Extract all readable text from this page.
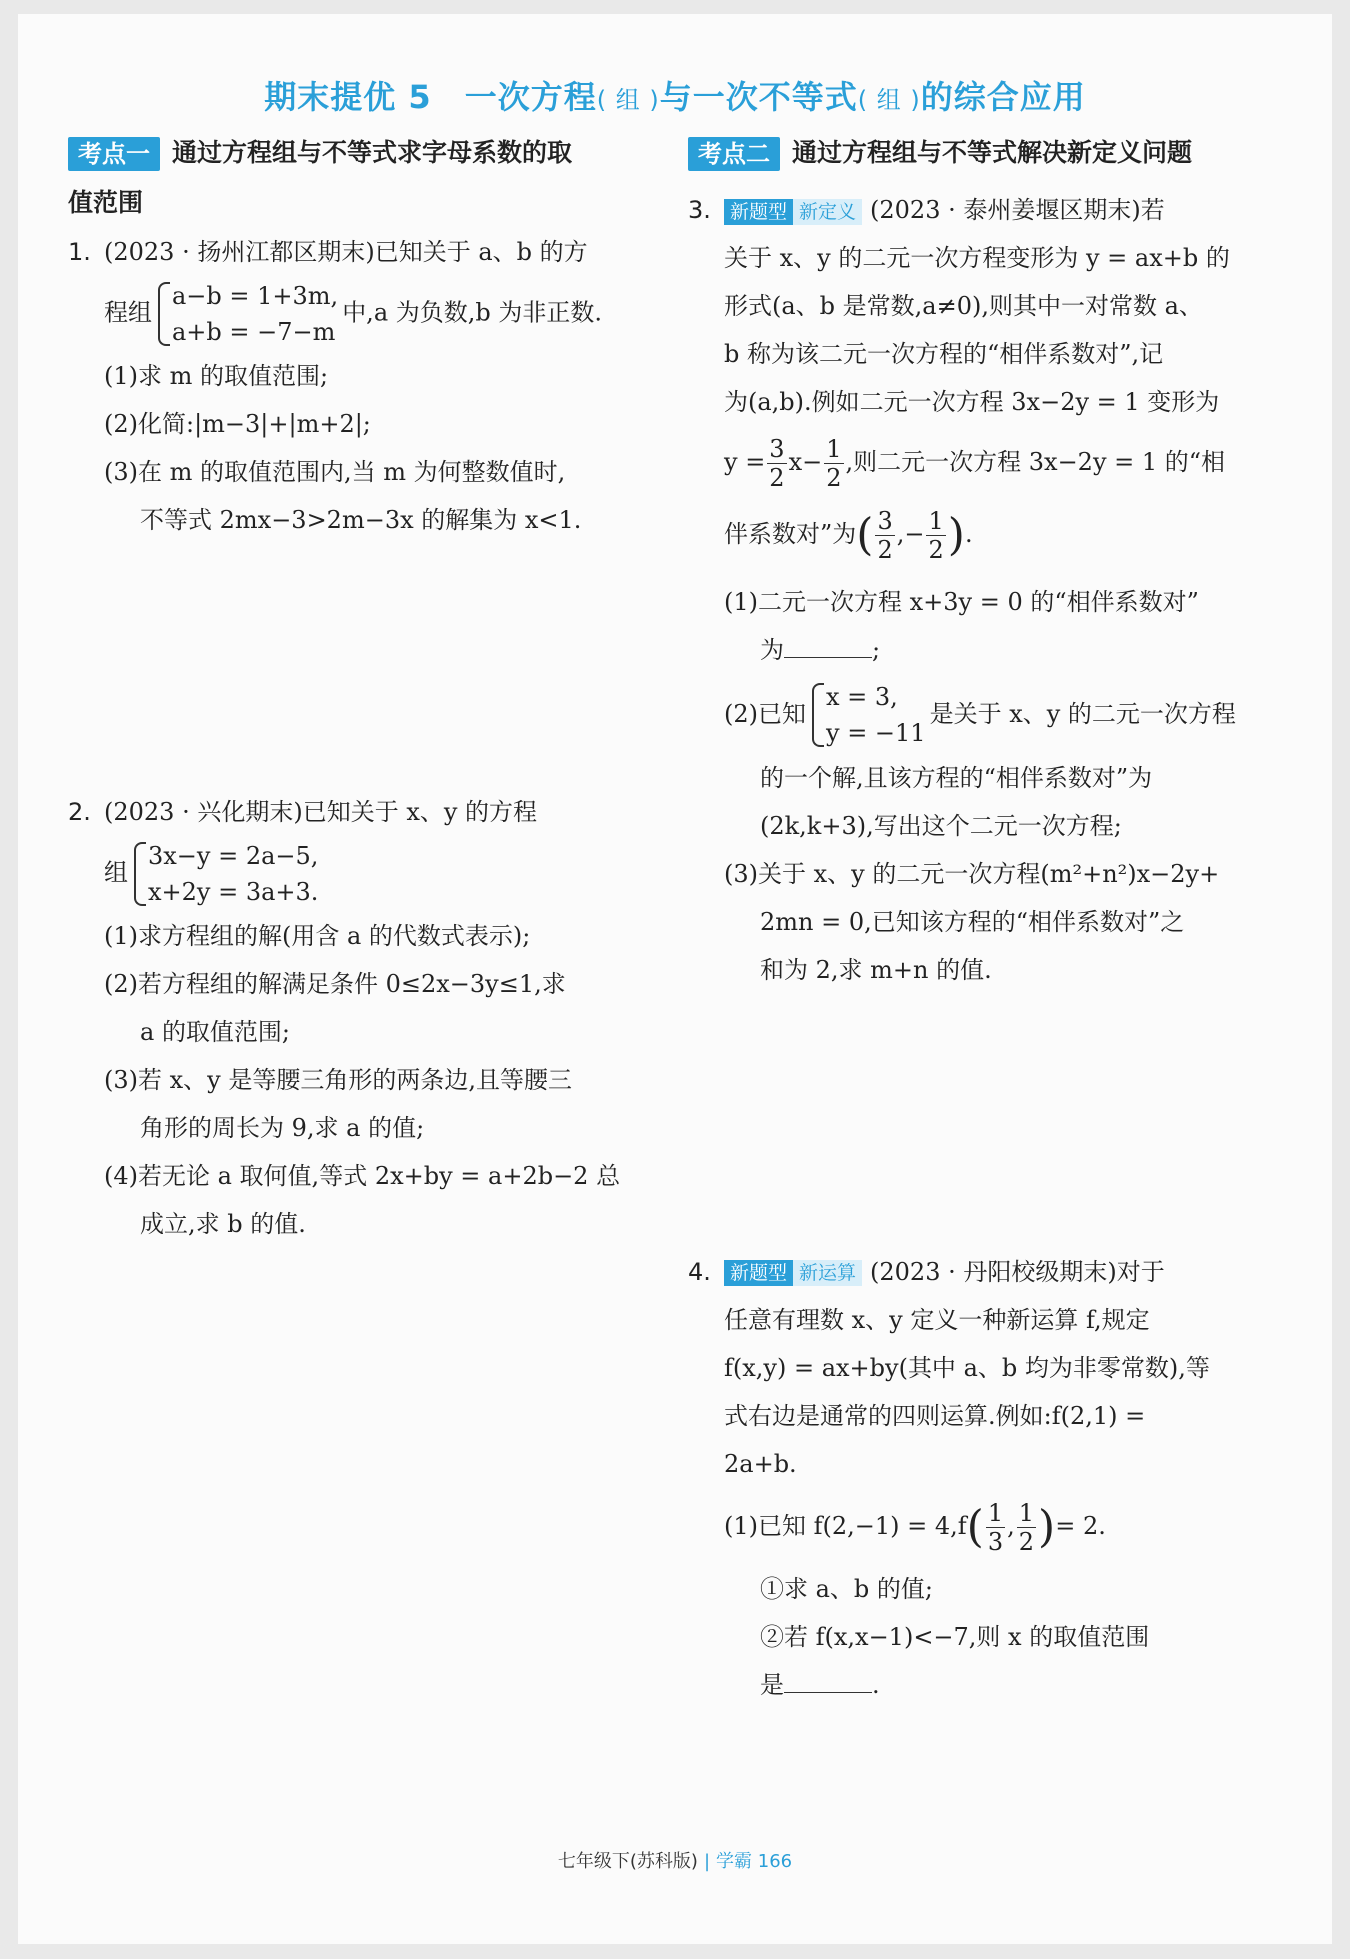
期末提优 5　一次方程( 组 )与一次不等式( 组 )的综合应用
考点一 通过方程组与不等式求字母系数的取
值范围
1. (2023 · 扬州江都区期末)已知关于 a、b 的方
程组
a−b = 1+3m,
a+b = −7−m
中,a 为负数,b 为非正数.
(1)求 m 的取值范围;
(2)化简:|m−3|+|m+2|;
(3)在 m 的取值范围内,当 m 为何整数值时,
不等式 2mx−3>2m−3x 的解集为 x<1.
2. (2023 · 兴化期末)已知关于 x、y 的方程
组
3x−y = 2a−5,
x+2y = 3a+3.
(1)求方程组的解(用含 a 的代数式表示);
(2)若方程组的解满足条件 0≤2x−3y≤1,求
a 的取值范围;
(3)若 x、y 是等腰三角形的两条边,且等腰三
角形的周长为 9,求 a 的值;
(4)若无论 a 取何值,等式 2x+by = a+2b−2 总
成立,求 b 的值.
考点二 通过方程组与不等式解决新定义问题
3.	新题型 新定义 (2023 · 泰州姜堰区期末)若
关于 x、y 的二元一次方程变形为 y = ax+b 的
形式(a、b 是常数,a≠0),则其中一对常数 a、
b 称为该二元一次方程的“相伴系数对”,记
为(a,b).例如二元一次方程 3x−2y = 1 变形为
$y = \frac{3}{2} x- \frac{1}{2}$ ,则二元一次方程 3x−2y = 1 的“相
伴系数对”为( $\frac{3}{2}$ ,− $\frac{1}{2}$ ).
(1)二元一次方程 x+3y = 0 的“相伴系数对”
为	;
(2)已知
x = 3,
y = −11
是关于 x、y 的二元一次方程
的一个解,且该方程的“相伴系数对”为
(2k,k+3),写出这个二元一次方程;
(3)关于 x、y 的二元一次方程(m²+n²)x−2y+
2mn = 0,已知该方程的“相伴系数对”之
和为 2,求 m+n 的值.
4.	新题型 新运算 (2023 · 丹阳校级期末)对于
任意有理数 x、y 定义一种新运算 f,规定
f(x,y) = ax+by(其中 a、b 均为非零常数),等
式右边是通常的四则运算.例如:f(2,1) =
2a+b.
(1)已知 $f(2,-1) = 4,f( \frac{1}{3}$ , $\frac{1}{2}$ )= 2.
①求 a、b 的值;
②若 f(x,x−1)<−7,则 x 的取值范围
是	.
七年级下(苏科版) | 学霸 166
